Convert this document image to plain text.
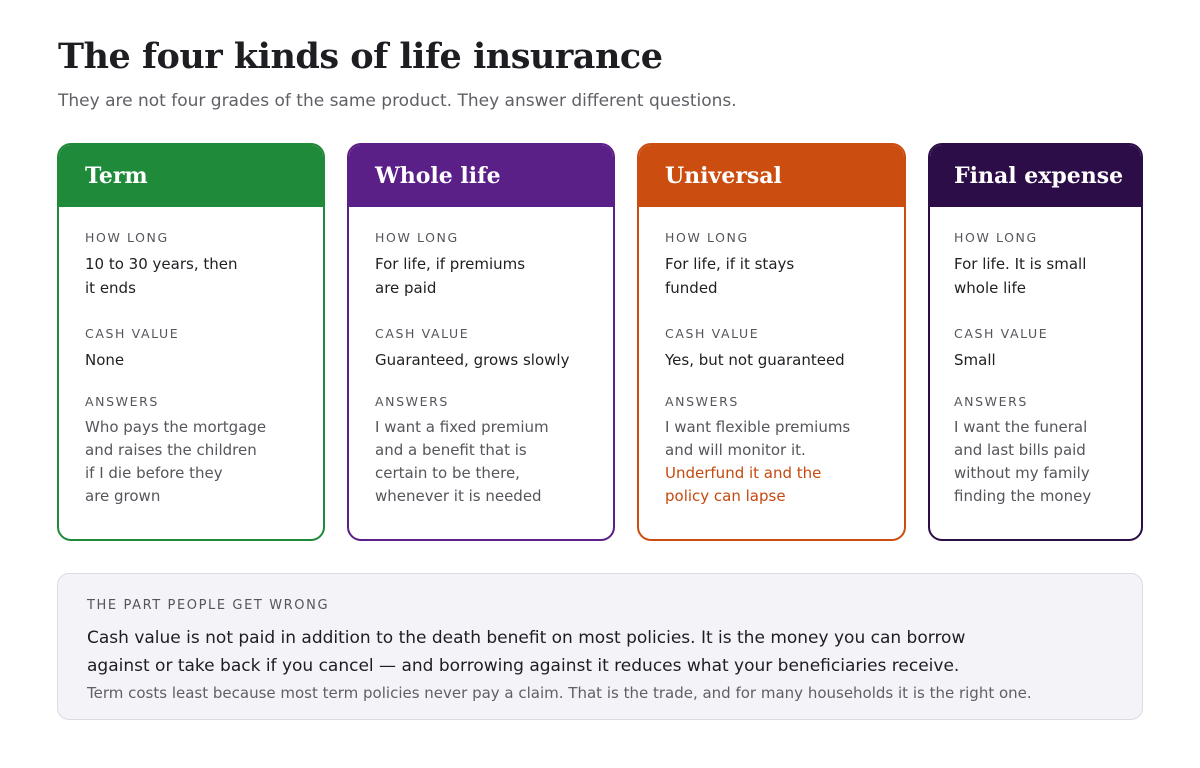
The four kinds of life insurance
They are not four grades of the same product. They answer different questions.
Term
HOW LONG
10 to 30 years, then
it ends
CASH VALUE
None
ANSWERS
Who pays the mortgage
and raises the children
if I die before they
are grown
Whole life
HOW LONG
For life, if premiums
are paid
CASH VALUE
Guaranteed, grows slowly
ANSWERS
I want a fixed premium
and a benefit that is
certain to be there,
whenever it is needed
Universal
HOW LONG
For life, if it stays
funded
CASH VALUE
Yes, but not guaranteed
ANSWERS
I want flexible premiums
and will monitor it.
Underfund it and the
policy can lapse
Final expense
HOW LONG
For life. It is small
whole life
CASH VALUE
Small
ANSWERS
I want the funeral
and last bills paid
without my family
finding the money
THE PART PEOPLE GET WRONG
Cash value is not paid in addition to the death benefit on most policies. It is the money you can borrow
against or take back if you cancel — and borrowing against it reduces what your beneficiaries receive.
Term costs least because most term policies never pay a claim. That is the trade, and for many households it is the right one.
